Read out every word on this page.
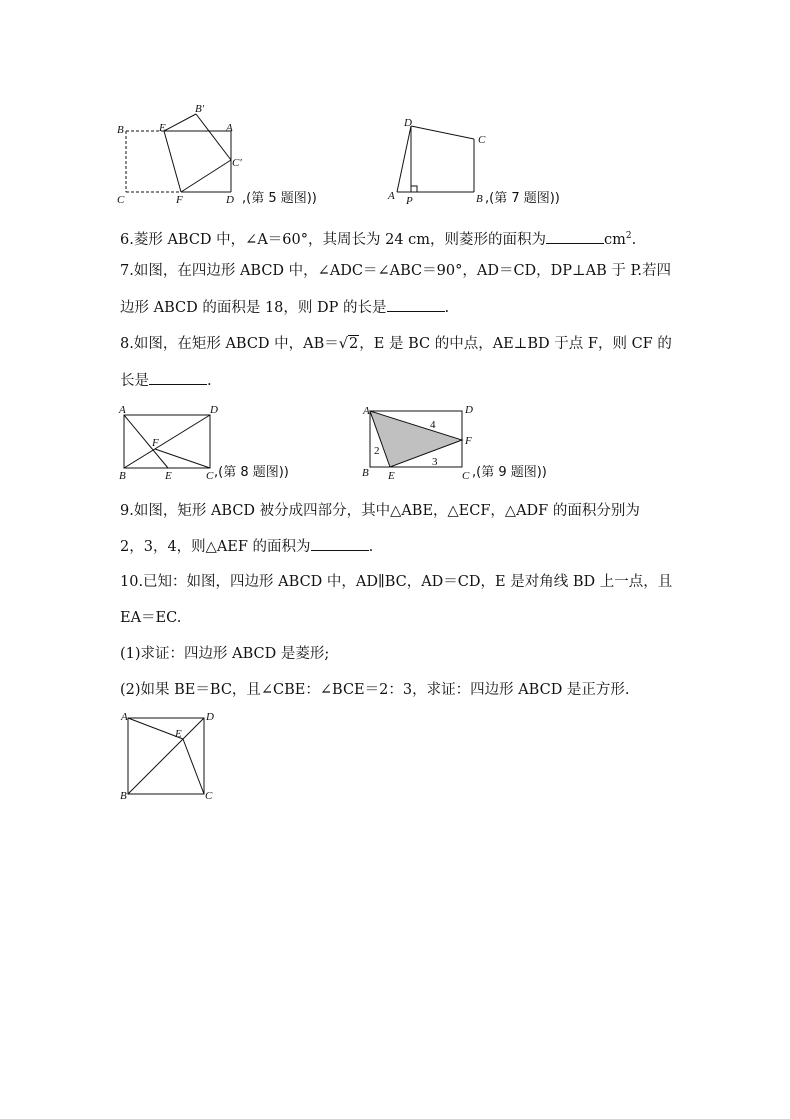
B	E
B′
A
C′
C	F	D ,(第 5 题图))
D
C
A P	B ,(第 7 题图))
A	D
F
B	E	C ,(第 8 题图))
A	D
4
F
2
3
B E	C ,(第 9 题图))
A	D
E
B	C
6.菱形 ABCD 中，∠A＝60°，其周长为 24 cm，则菱形的面积为	$cm^2$.
7.如图，在四边形 ABCD 中，∠ADC＝∠ABC＝90°，AD＝CD，DP⊥AB 于 P.若四
边形 ABCD 的面积是 18，则 DP 的长是	.
8.如图，在矩形 ABCD 中，AB＝√2，E 是 BC 的中点，AE⊥BD 于点 F，则 CF 的
长是	.
9.如图，矩形 ABCD 被分成四部分，其中△ABE，△ECF，△ADF 的面积分别为
2，3，4，则△AEF 的面积为	.
10.已知：如图，四边形 ABCD 中，AD∥BC，AD＝CD，E 是对角线 BD 上一点，且
EA＝EC.
(1)求证：四边形 ABCD 是菱形;
(2)如果 BE＝BC，且∠CBE：∠BCE＝2：3，求证：四边形 ABCD 是正方形.
